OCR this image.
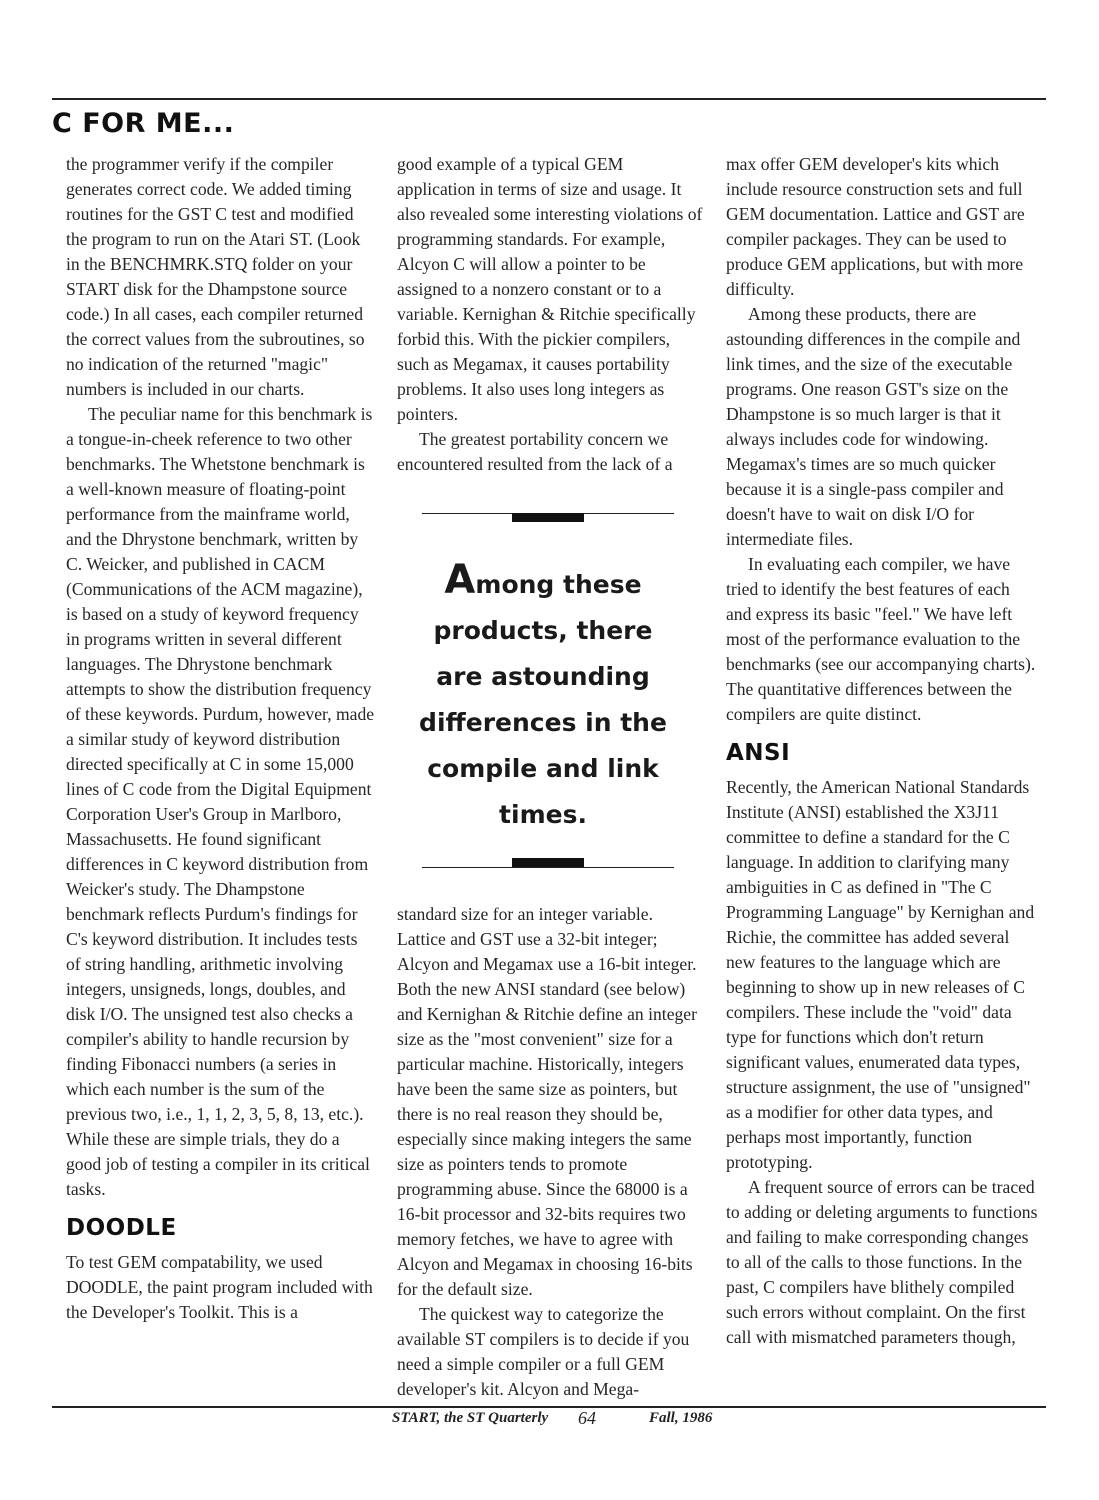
C FOR ME...

the programmer verify if the compiler generates correct code. We added timing routines for the GST C test and modified the program to run on the Atari ST. (Look in the BENCHMRK.STQ folder on your START disk for the Dhampstone source code.) In all cases, each compiler returned the correct values from the subroutines, so no indication of the returned "magic" numbers is included in our charts.

The peculiar name for this benchmark is a tongue-in-cheek reference to two other benchmarks. The Whetstone benchmark is a well-known measure of floating-point performance from the mainframe world, and the Dhrystone benchmark, written by C. Weicker, and published in CACM (Communications of the ACM magazine), is based on a study of keyword frequency in programs written in several different languages. The Dhrystone benchmark attempts to show the distribution frequency of these keywords. Purdum, however, made a similar study of keyword distribution directed specifically at C in some 15,000 lines of C code from the Digital Equipment Corporation User's Group in Marlboro, Massachusetts. He found significant differences in C keyword distribution from Weicker's study. The Dhampstone benchmark reflects Purdum's findings for C's keyword distribution. It includes tests of string handling, arithmetic involving integers, unsigneds, longs, doubles, and disk I/O. The unsigned test also checks a compiler's ability to handle recursion by finding Fibonacci numbers (a series in which each number is the sum of the previous two, i.e., 1, 1, 2, 3, 5, 8, 13, etc.). While these are simple trials, they do a good job of testing a compiler in its critical tasks.

DOODLE

To test GEM compatability, we used DOODLE, the paint program included with the Developer's Toolkit. This is a

good example of a typical GEM application in terms of size and usage. It also revealed some interesting violations of programming standards. For example, Alcyon C will allow a pointer to be assigned to a nonzero constant or to a variable. Kernighan & Ritchie specifically forbid this. With the pickier compilers, such as Megamax, it causes portability problems. It also uses long integers as pointers.

The greatest portability concern we encountered resulted from the lack of a

Among these products, there are astounding differences in the compile and link times.

standard size for an integer variable. Lattice and GST use a 32-bit integer; Alcyon and Megamax use a 16-bit integer. Both the new ANSI standard (see below) and Kernighan & Ritchie define an integer size as the "most convenient" size for a particular machine. Historically, integers have been the same size as pointers, but there is no real reason they should be, especially since making integers the same size as pointers tends to promote programming abuse. Since the 68000 is a 16-bit processor and 32-bits requires two memory fetches, we have to agree with Alcyon and Megamax in choosing 16-bits for the default size.

The quickest way to categorize the available ST compilers is to decide if you need a simple compiler or a full GEM developer's kit. Alcyon and Mega-

max offer GEM developer's kits which include resource construction sets and full GEM documentation. Lattice and GST are compiler packages. They can be used to produce GEM applications, but with more difficulty.

Among these products, there are astounding differences in the compile and link times, and the size of the executable programs. One reason GST's size on the Dhampstone is so much larger is that it always includes code for windowing. Megamax's times are so much quicker because it is a single-pass compiler and doesn't have to wait on disk I/O for intermediate files.

In evaluating each compiler, we have tried to identify the best features of each and express its basic "feel." We have left most of the performance evaluation to the benchmarks (see our accompanying charts). The quantitative differences between the compilers are quite distinct.

ANSI

Recently, the American National Standards Institute (ANSI) established the X3J11 committee to define a standard for the C language. In addition to clarifying many ambiguities in C as defined in "The C Programming Language" by Kernighan and Richie, the committee has added several new features to the language which are beginning to show up in new releases of C compilers. These include the "void" data type for functions which don't return significant values, enumerated data types, structure assignment, the use of "unsigned" as a modifier for other data types, and perhaps most importantly, function prototyping.

A frequent source of errors can be traced to adding or deleting arguments to functions and failing to make corresponding changes to all of the calls to those functions. In the past, C compilers have blithely compiled such errors without complaint. On the first call with mismatched parameters though,

START, the ST Quarterly 64	Fall, 1986
